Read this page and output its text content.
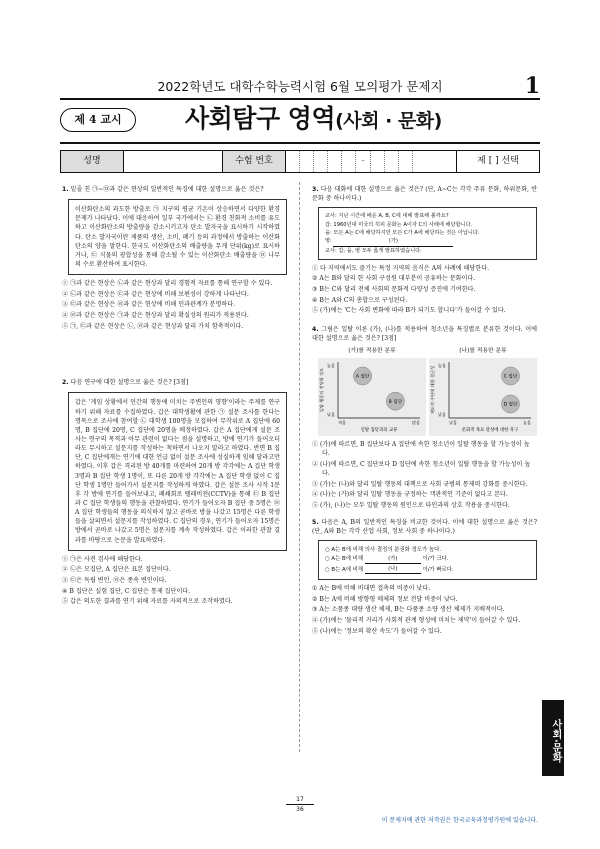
2022학년도 대학수학능력시험 6월 모의평가 문제지	1
제 4 교시	사회탐구 영역(사회 · 문화)
성명	수험 번호	–	제 [ ] 선택

1. 밑줄 친 ㉠~㉤과 같은 현상의 일반적인 특징에 대한 설명으로 옳은 것은?

이산화탄소의 과도한 방출로 ㉠ 지구의 평균 기온이 상승하면서 다양한 환경 문제가 나타났다. 이에 대응하여 일부 국가에서는 ㉡ 환경 친화적 소비를 유도하고 이산화탄소의 방출량을 감소시키고자 탄소 발자국을 표시하기 시작하였다. 탄소 발자국이란 제품의 생산, 소비, 폐기 등의 과정에서 방출하는 이산화탄소의 양을 말한다. 한국도 이산화탄소의 배출량을 무게 단위(kg)로 표시하거나, ㉢ 식물의 광합성을 통해 감소될 수 있는 이산화탄소 배출량을 ㉣ 나무의 수로 환산하여 표시한다.
① ㉠과 같은 현상은 ㉡과 같은 현상과 달리 경험적 자료를 통해 연구할 수 있다.
② ㉡과 같은 현상은 ㉢과 같은 현상에 비해 보편성이 강하게 나타난다.
③ ㉢과 같은 현상은 ㉣과 같은 현상에 비해 인과관계가 분명하다.
④ ㉣과 같은 현상은 ㉠과 같은 현상과 달리 확실성의 원리가 적용된다.
⑤ ㉠, ㉢과 같은 현상은 ㉡, ㉣과 같은 현상과 달리 가치 함축적이다.

2. 다음 연구에 대한 설명으로 옳은 것은? [3점]

갑은 '게임 상황에서 인간의 행동에 미치는 주변인의 영향'이라는 주제를 연구하기 위해 자료를 수집하였다. 갑은 대학생활에 관한 ㉠ 설문 조사를 한다는 명목으로 조사에 참여할 ㉡ 대학생 100명을 모집하여 무작위로 A 집단에 60명, B 집단에 20명, C 집단에 20명을 배정하였다. 갑은 A 집단에게 설문 조사는 연구의 목적과 아무 관련이 없다는 점을 설명하고, 방에 연기가 들어오더라도 무시하고 설문지를 작성하는 척하면서 나오지 말라고 하였다. 반면 B 집단, C 집단에게는 연기에 대한 언급 없이 설문 조사에 성실하게 임해 달라고만 하였다. 이후 갑은 격리된 방 40개를 마련하여 20개 방 각각에는 A 집단 학생 3명과 B 집단 학생 1명이, 또 다른 20개 방 각각에는 A 집단 학생 없이 C 집단 학생 1명만 들어가서 설문지를 작성하게 하였다. 갑은 설문 조사 시작 1분 후 각 방에 연기를 들어보내고, 폐쇄회로 텔레비전(CCTV)을 통해 ㉢ B 집단과 C 집단 학생들의 행동을 관찰하였다. 연기가 들어오자 B 집단 중 5명은 ㉣ A 집단 학생들의 행동을 의식하지 않고 곧바로 방을 나갔고 15명은 다른 학생들을 살피면서 설문지를 작성하였다. C 집단의 경우, 연기가 들어오자 15명은 방에서 곧바로 나갔고 5명은 설문지를 계속 작성하였다. 갑은 이러한 관찰 결과를 바탕으로 논문을 발표하였다.
① ㉠은 사전 검사에 해당한다.
② ㉡은 모집단, A 집단은 표본 집단이다.
③ ㉢은 독립 변인, ㉣은 종속 변인이다.
④ B 집단은 실험 집단, C 집단은 통제 집단이다.
⑤ 갑은 의도한 결과를 연기 위해 자료를 자의적으로 조작하였다.

3. 다음 대화에 대한 설명으로 옳은 것은? (단, A~C는 각각 주류 문화, 하위문화, 반문화 중 하나이다.)

교사: 지난 시간에 배운 A, B, C에 대해 발표해 볼까요?
갑: 1960년대 미국의 히피 문화는 A이자 C의 사례에 해당합니다.
을: 모든 A는 C에 해당하지만 모든 C가 A에 해당하는 것은 아닙니다.
병:	(가)
교사: 갑, 을, 병 모두 옳게 발표하였습니다.
① 다 지역에서도 즐기는 특정 지역의 음식은 A의 사례에 해당한다.
② A는 B와 달리 한 사회 구성원 대부분이 공유하는 문화이다.
③ B는 C와 달리 전체 사회의 문화적 다양성 증진에 기여한다.
④ B는 A와 C의 총합으로 구성된다.
⑤ (가)에는 'C는 사회 변화에 따라 B가 되기도 합니다'가 들어갈 수 있다.

4. 그림은 일탈 이론 (가), (나)를 적용하여 청소년을 특징별로 분류한 것이다. 이에 대한 설명으로 옳은 것은? [3점]

(가)를 적용한 분류
낮음
높음
적음	많음
일탈 집단과의 교류
일탈 행동의 정당화 정도	A 집단
B 집단
(나)를 적용한 분류
낮음
높음
낮음	높음
문화적 목표 달성에 대한 욕구
제도적 수단에 대한 접근성	C 집단
D 집단
① (가)에 따르면, B 집단보다 A 집단에 속한 청소년이 일탈 행동을 할 가능성이 높다.
② (나)에 따르면, C 집단보다 D 집단에 속한 청소년이 일탈 행동을 할 가능성이 높다.
③ (가)는 (나)와 달리 일탈 행동의 대책으로 사회 규범의 통제력 강화를 중시한다.
④ (나)는 (가)와 달리 일탈 행동을 규정하는 객관적인 기준이 없다고 본다.
⑤ (가), (나)는 모두 일탈 행동의 원인으로 타인과의 상호 작용을 중시한다.

5. 다음은 A, B의 일반적인 특징을 비교한 것이다. 이에 대한 설명으로 옳은 것은? (단, A와 B는 각각 산업 사회, 정보 사회 중 하나이다.)

○ A는 B에 비해 의사 결정의 분권화 정도가 높다.
○ A는 B에 비해
	(가)
	이/가 크다.
○ B는 A에 비해
	(나)
	이/가 빠르다.
① A는 B에 비해 비대면 접촉의 비중이 낮다.
② B는 A에 비해 방향형 매체의 정보 전달 비중이 낮다.
③ A는 소품종 대량 생산 체제, B는 다품종 소량 생산 체제가 지배적이다.
④ (가)에는 '물리적 거리가 사회적 관계 형성에 미치는 제약'이 들어갈 수 있다.
⑤ (나)에는 '정보의 확산 속도'가 들어갈 수 있다.
17
36
사회·문화
이 문제지에 관한 저작권은 한국교육과정평가원에 있습니다.
